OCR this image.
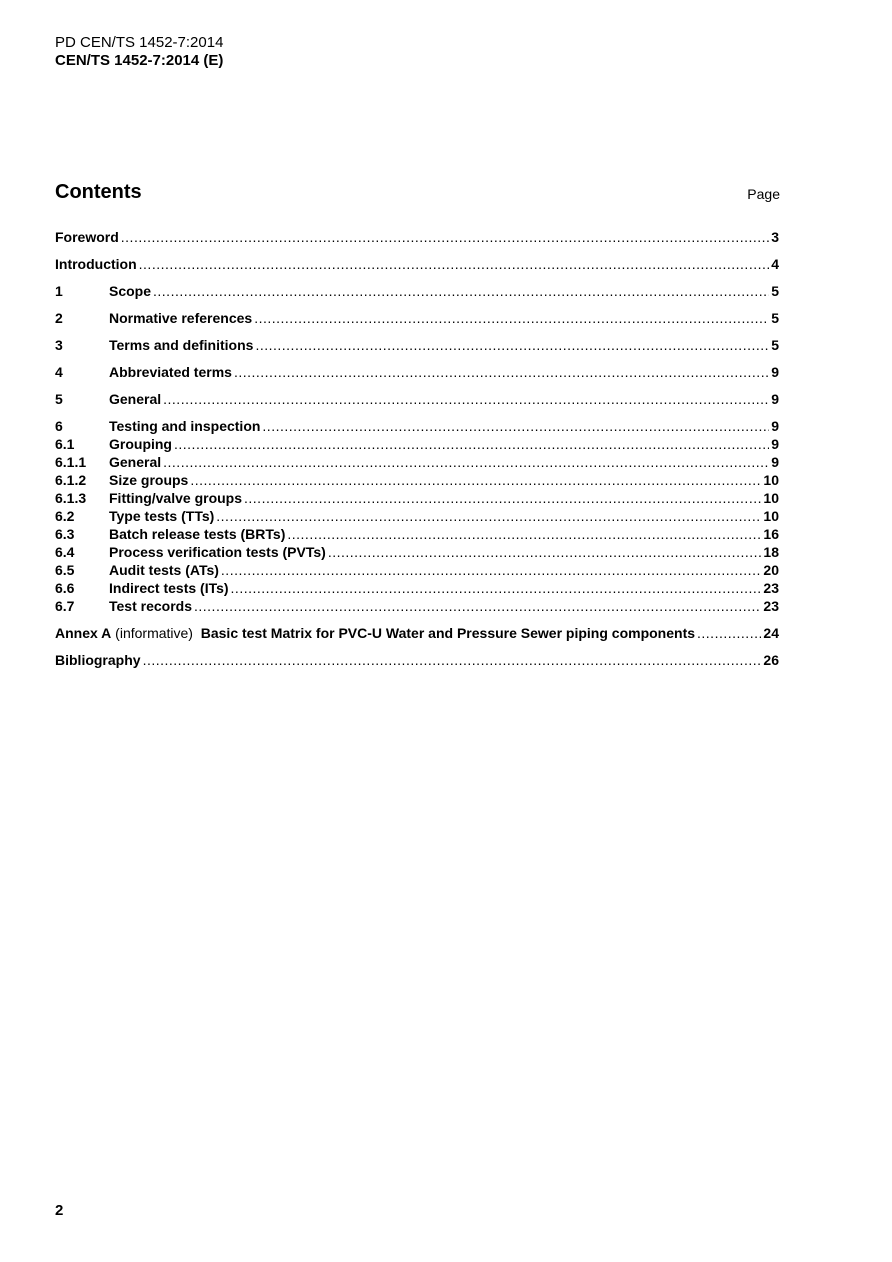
PD CEN/TS 1452-7:2014
CEN/TS 1452-7:2014 (E)
Contents	Page
Foreword .....	3
Introduction .....	4
1	Scope .....	5
2	Normative references .....	5
3	Terms and definitions .....	5
4	Abbreviated terms .....	9
5	General .....	9
6	Testing and inspection .....	9
6.1	Grouping .....	9
6.1.1	General .....	9
6.1.2	Size groups .....	10
6.1.3	Fitting/valve groups .....	10
6.2	Type tests (TTs) .....	10
6.3	Batch release tests (BRTs) .....	16
6.4	Process verification tests (PVTs) .....	18
6.5	Audit tests (ATs) .....	20
6.6	Indirect tests (ITs) .....	23
6.7	Test records .....	23
Annex A (informative)  Basic test Matrix for PVC-U Water and Pressure Sewer piping components .....	24
Bibliography .....	26
2
